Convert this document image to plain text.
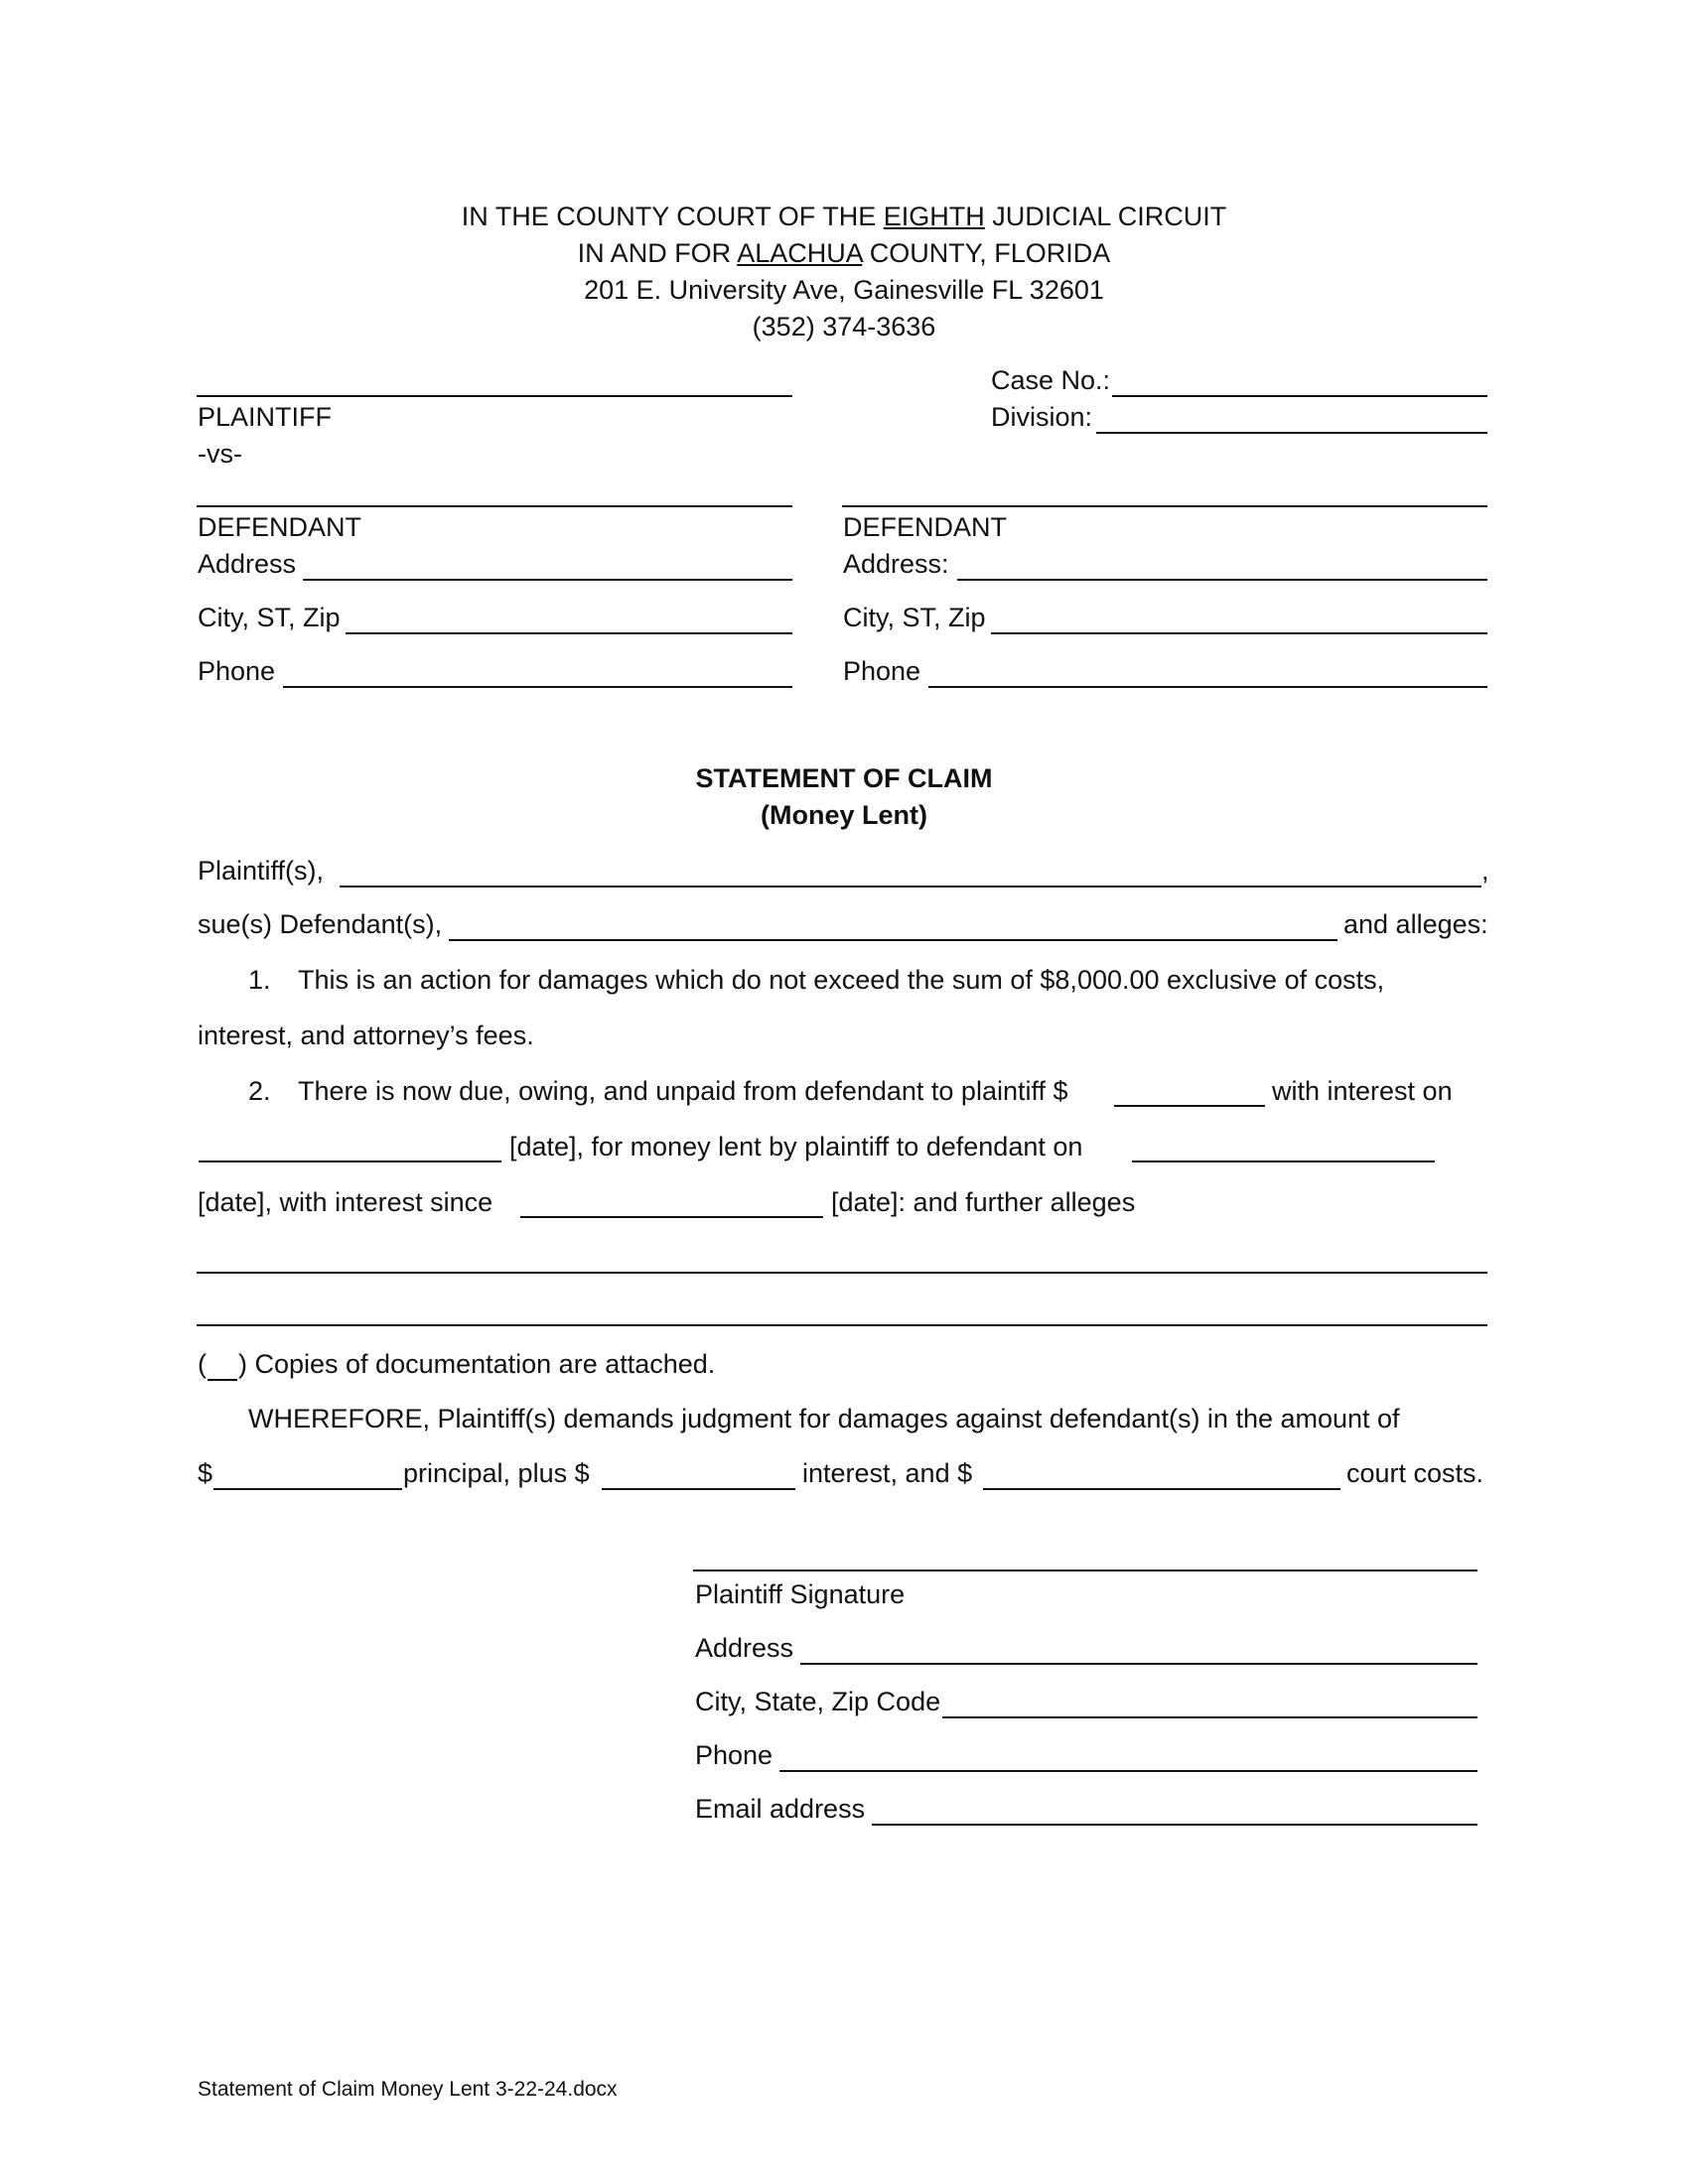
IN THE COUNTY COURT OF THE EIGHTH JUDICIAL CIRCUIT
IN AND FOR ALACHUA COUNTY, FLORIDA
201 E. University Ave, Gainesville FL 32601
(352) 374-3636
PLAINTIFF
-vs-
Case No.:
Division:
DEFENDANT
Address
City, ST, Zip
Phone
DEFENDANT
Address:
City, ST, Zip
Phone
STATEMENT OF CLAIM
(Money Lent)
Plaintiff(s),	,
sue(s) Defendant(s),	and alleges:
1. This is an action for damages which do not exceed the sum of $8,000.00 exclusive of costs,
interest, and attorney’s fees.
2. There is now due, owing, and unpaid from defendant to plaintiff $	with interest on
[date], for money lent by plaintiff to defendant on
[date], with interest since	[date]: and further alleges
( ) Copies of documentation are attached.
WHEREFORE, Plaintiff(s) demands judgment for damages against defendant(s) in the amount of
$	principal, plus $	interest, and $	court costs.
Plaintiff Signature
Address
City, State, Zip Code
Phone
Email address
Statement of Claim Money Lent 3-22-24.docx
